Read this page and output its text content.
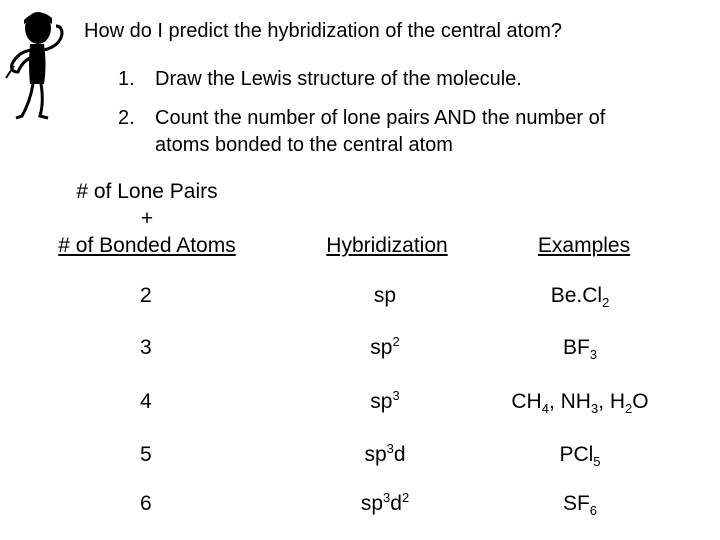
How do I predict the hybridization of the central atom?
1. Draw the Lewis structure of the molecule.
2. Count the number of lone pairs AND the number of
atoms bonded to the central atom
# of Lone Pairs
+
# of Bonded Atoms	Hybridization	Examples
2	sp	$Be.Cl_2$
3	$sp^2$	$BF_3$
4	$sp^3$	$CH_4$, $NH_3$, $H_2O$
5	$sp^3d$	PCl$_5$
6	$sp^3d^2$	$SF_6$
